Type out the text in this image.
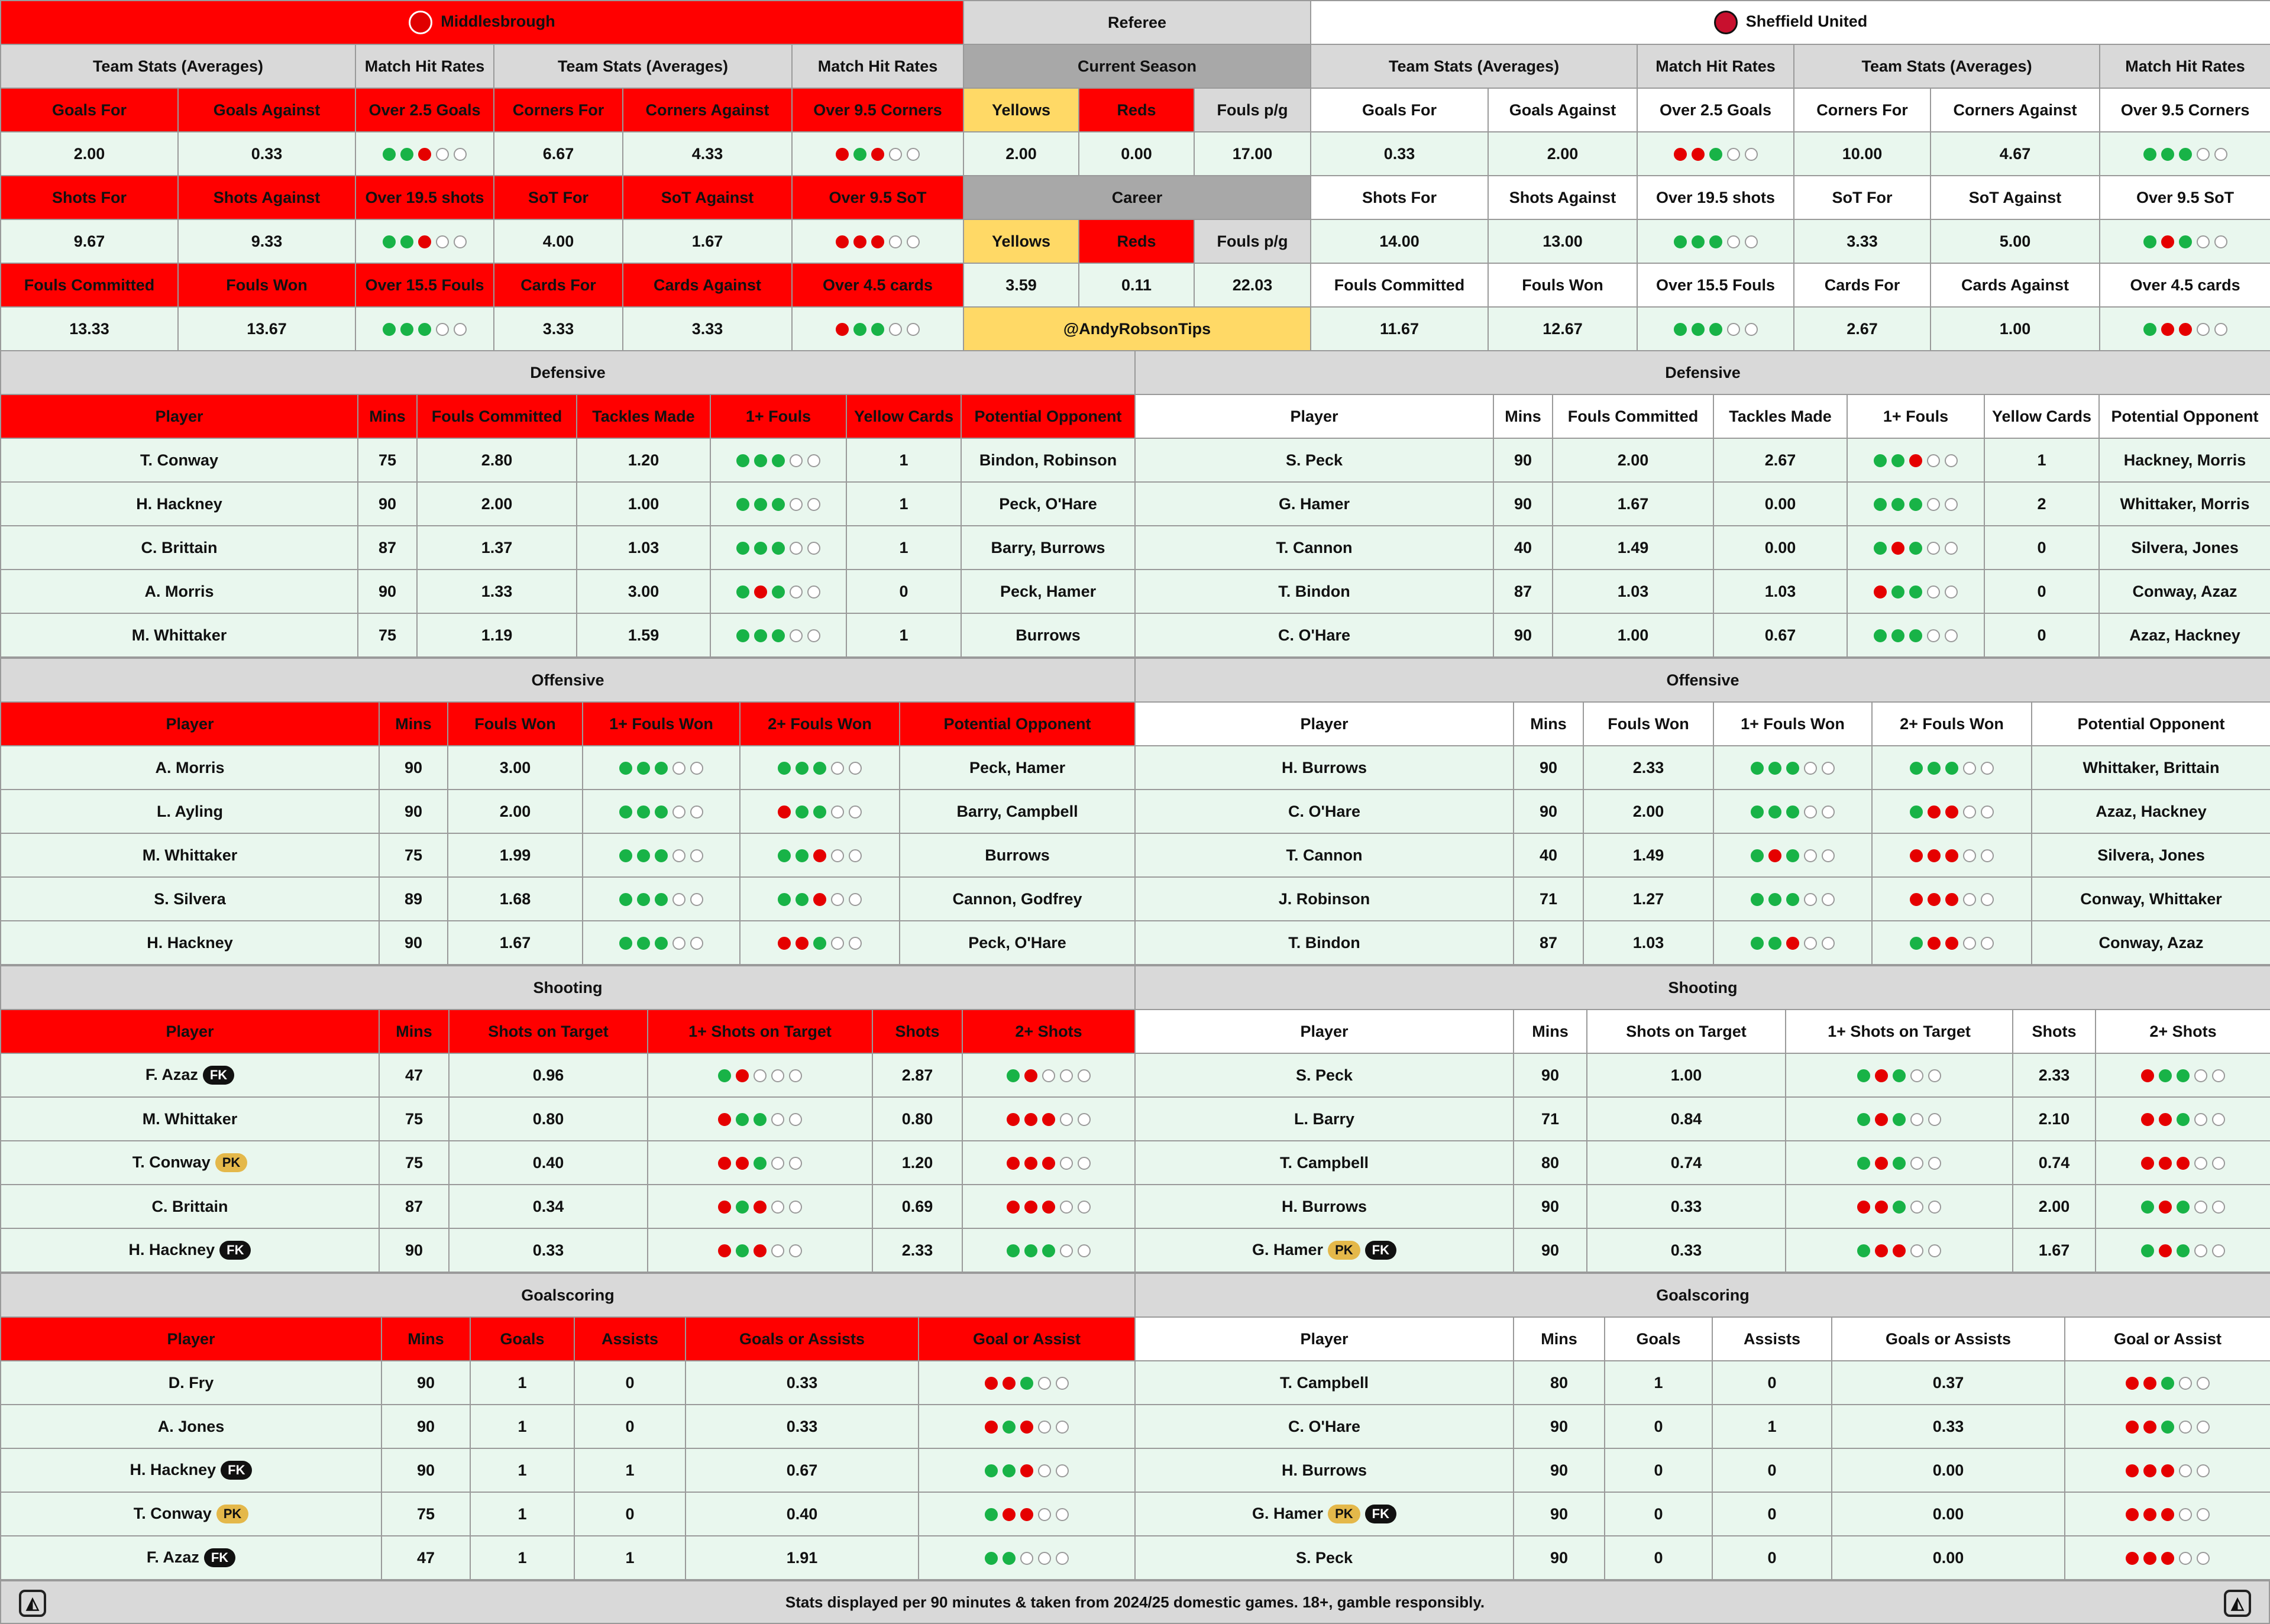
Middlesbrough						Referee			Sheffield United					
Team Stats (Averages)		Match Hit Rates	Team Stats (Averages)		Match Hit Rates	Current Season			Team Stats (Averages)		Match Hit Rates	Team Stats (Averages)		Match Hit Rates
Goals For	Goals Against	Over 2.5 Goals	Corners For	Corners Against	Over 9.5 Corners	Yellows	Reds	Fouls p/g	Goals For	Goals Against	Over 2.5 Goals	Corners For	Corners Against	Over 9.5 Corners
2.00	0.33		6.67	4.33		2.00	0.00	17.00	0.33	2.00		10.00	4.67	

Shots For	Shots Against	Over 19.5 shots	SoT For	SoT Against	Over 9.5 SoT	Career			Shots For	Shots Against	Over 19.5 shots	SoT For	SoT Against	Over 9.5 SoT
9.67	9.33		4.00	1.67		Yellows	Reds	Fouls p/g	14.00	13.00		3.33	5.00	

Fouls Committed	Fouls Won	Over 15.5 Fouls	Cards For	Cards Against	Over 4.5 cards	3.59	0.11	22.03	Fouls Committed	Fouls Won	Over 15.5 Fouls	Cards For	Cards Against	Over 4.5 cards
13.33	13.67		3.33	3.33		@AndyRobsonTips			11.67	12.67		2.67	1.00	
Defensive						
Player	Mins	Fouls Committed	Tackles Made	1+ Fouls	Yellow Cards	Potential Opponent
T. Conway	75	2.80	1.20		1	Bindon, Robinson
H. Hackney	90	2.00	1.00		1	Peck, O'Hare
C. Brittain	87	1.37	1.03		1	Barry, Burrows
A. Morris	90	1.33	3.00		0	Peck, Hamer
M. Whittaker	75	1.19	1.59		1	Burrows
Offensive					
Player	Mins	Fouls Won	1+ Fouls Won	2+ Fouls Won	Potential Opponent
A. Morris	90	3.00			Peck, Hamer
L. Ayling	90	2.00			Barry, Campbell
M. Whittaker	75	1.99			Burrows
S. Silvera	89	1.68			Cannon, Godfrey
H. Hackney	90	1.67			Peck, O'Hare
Shooting					
Player	Mins	Shots on Target	1+ Shots on Target	Shots	2+ Shots
F. Azaz FK	47	0.96		2.87	

M. Whittaker	75	0.80		0.80	

T. Conway PK	75	0.40		1.20	

C. Brittain	87	0.34		0.69	

H. Hackney FK	90	0.33		2.33	
Goalscoring					
Player	Mins	Goals	Assists	Goals or Assists	Goal or Assist
D. Fry	90	1	0	0.33	

A. Jones	90	1	0	0.33	

H. Hackney FK	90	1	1	0.67	

T. Conway PK	75	1	0	0.40	

F. Azaz FK	47	1	1	1.91	
Defensive						
Player	Mins	Fouls Committed	Tackles Made	1+ Fouls	Yellow Cards	Potential Opponent
S. Peck	90	2.00	2.67		1	Hackney, Morris
G. Hamer	90	1.67	0.00		2	Whittaker, Morris
T. Cannon	40	1.49	0.00		0	Silvera, Jones
T. Bindon	87	1.03	1.03		0	Conway, Azaz
C. O'Hare	90	1.00	0.67		0	Azaz, Hackney
Offensive					
Player	Mins	Fouls Won	1+ Fouls Won	2+ Fouls Won	Potential Opponent
H. Burrows	90	2.33			Whittaker, Brittain
C. O'Hare	90	2.00			Azaz, Hackney
T. Cannon	40	1.49			Silvera, Jones
J. Robinson	71	1.27			Conway, Whittaker
T. Bindon	87	1.03			Conway, Azaz
Shooting					
Player	Mins	Shots on Target	1+ Shots on Target	Shots	2+ Shots
S. Peck	90	1.00		2.33	

L. Barry	71	0.84		2.10	

T. Campbell	80	0.74		0.74	

H. Burrows	90	0.33		2.00	

G. Hamer PK FK	90	0.33		1.67	
Goalscoring					
Player	Mins	Goals	Assists	Goals or Assists	Goal or Assist
T. Campbell	80	1	0	0.37	

C. O'Hare	90	0	1	0.33	

H. Burrows	90	0	0	0.00	

G. Hamer PK FK	90	0	0	0.00	

S. Peck	90	0	0	0.00	
◭	Stats displayed per 90 minutes & taken from 2024/25 domestic games. 18+, gamble responsibly.	◭
